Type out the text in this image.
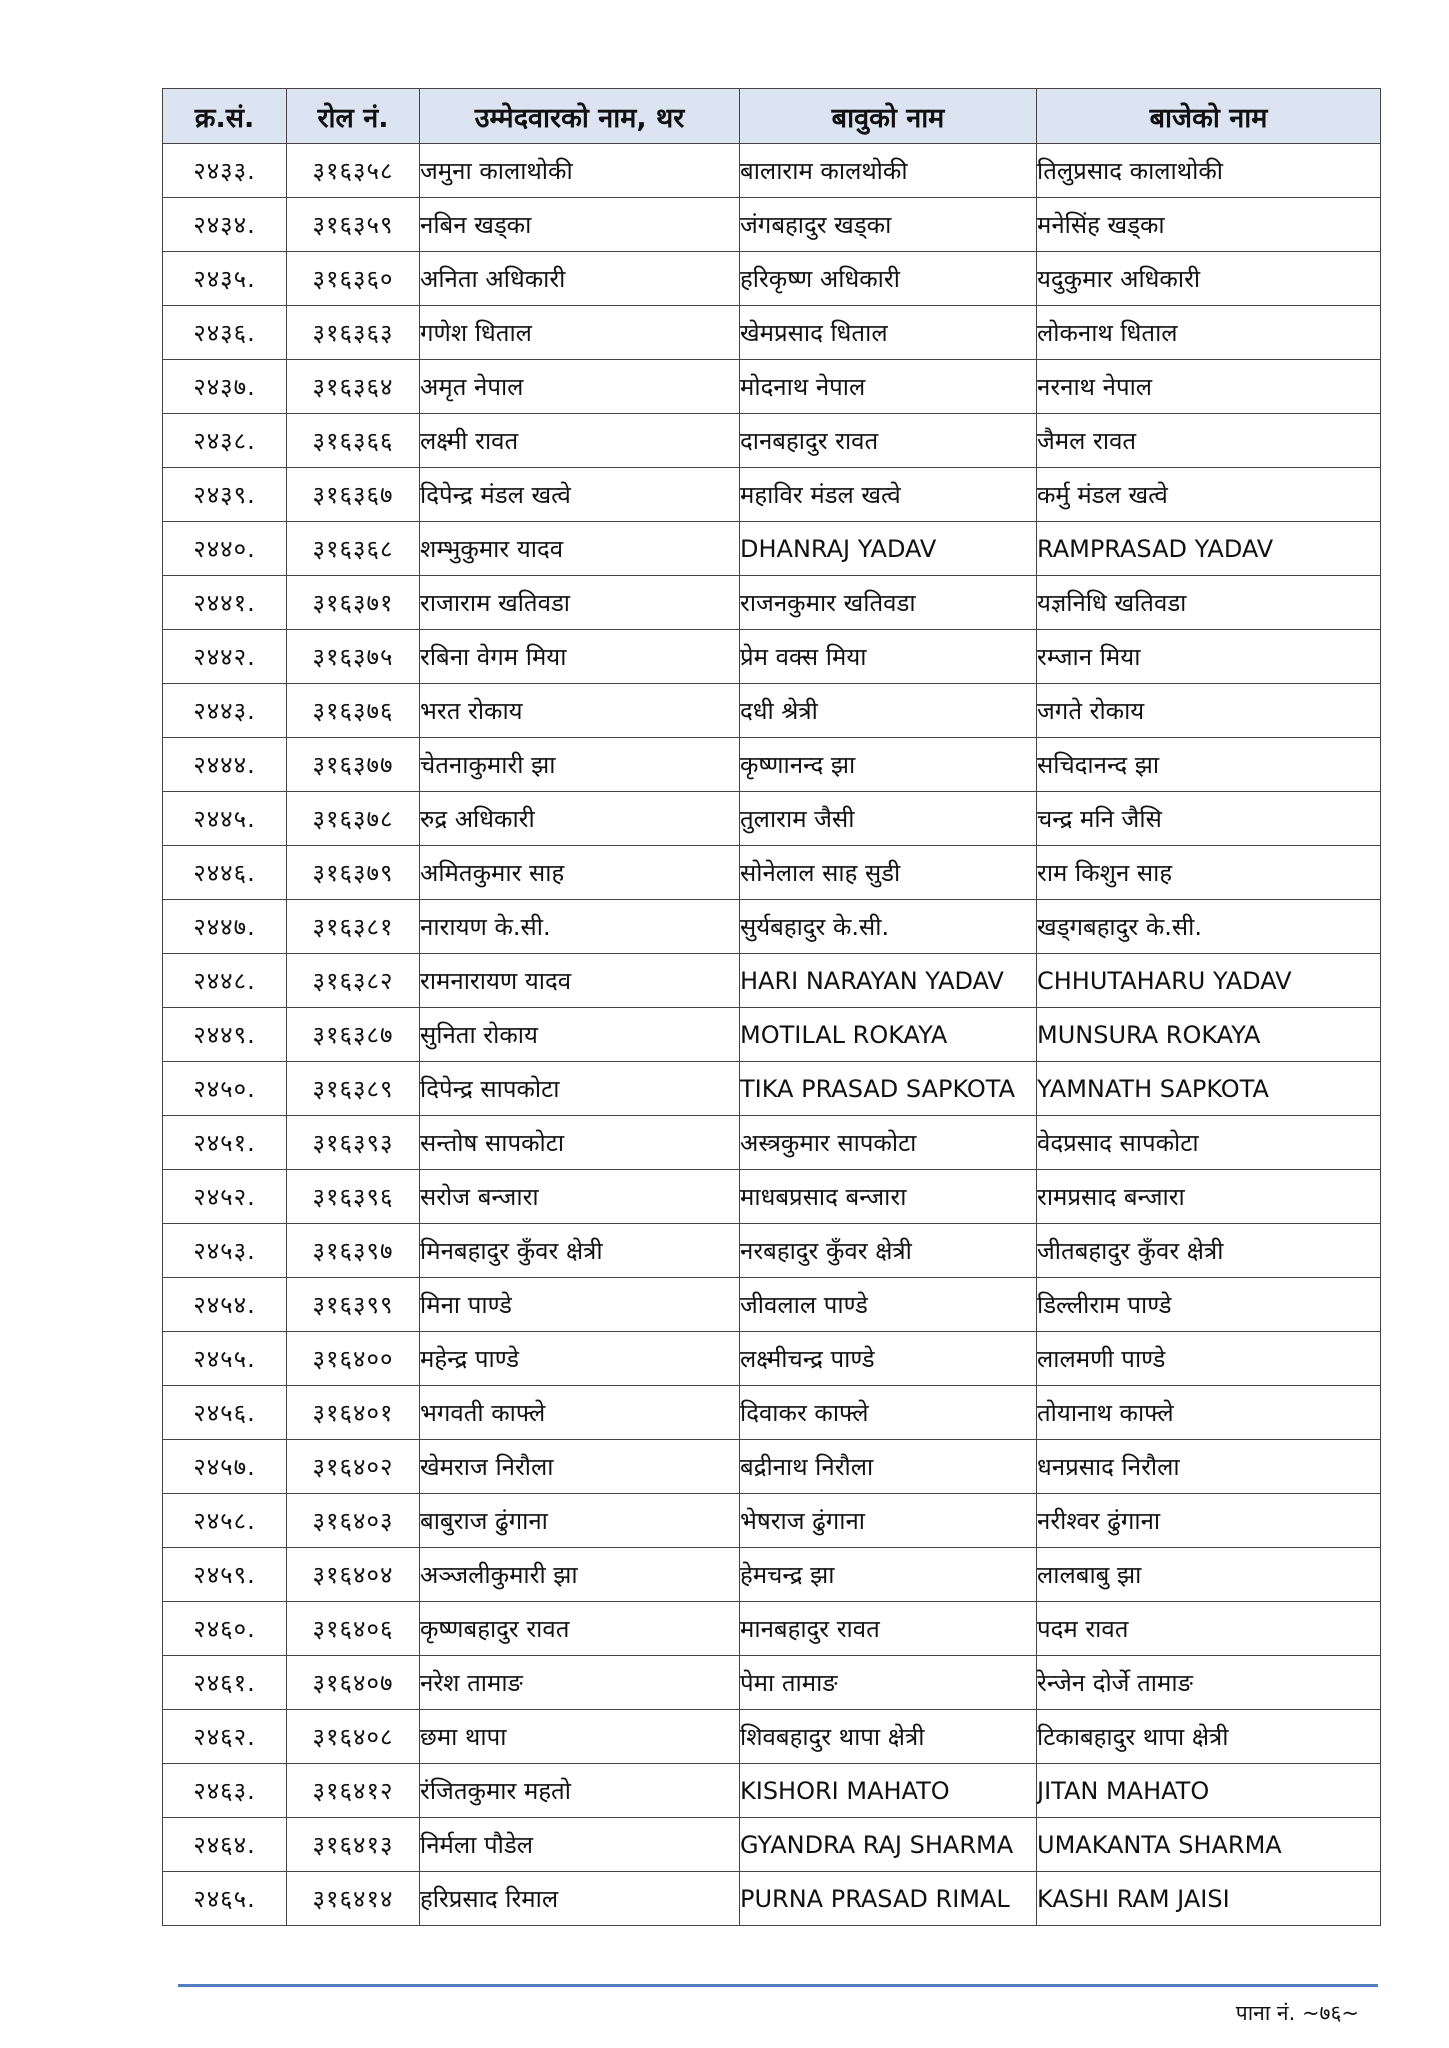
क्र.सं.	रोल नं.	उम्मेदवारको नाम, थर	बावुको नाम	बाजेको नाम
२४३३.	३१६३५८	जमुना कालाथोकी	बालाराम कालथोकी	तिलुप्रसाद कालाथोकी
२४३४.	३१६३५९	नबिन खड्का	जंगबहादुर खड्का	मनेसिंह खड्का
२४३५.	३१६३६०	अनिता अधिकारी	हरिकृष्ण अधिकारी	यदुकुमार अधिकारी
२४३६.	३१६३६३	गणेश धिताल	खेमप्रसाद धिताल	लोकनाथ धिताल
२४३७.	३१६३६४	अमृत नेपाल	मोदनाथ नेपाल	नरनाथ नेपाल
२४३८.	३१६३६६	लक्ष्मी रावत	दानबहादुर रावत	जैमल रावत
२४३९.	३१६३६७	दिपेन्द्र मंडल खत्वे	महाविर मंडल खत्वे	कर्मु मंडल खत्वे
२४४०.	३१६३६८	शम्भुकुमार यादव	DHANRAJ YADAV	RAMPRASAD YADAV
२४४१.	३१६३७१	राजाराम खतिवडा	राजनकुमार खतिवडा	यज्ञनिधि खतिवडा
२४४२.	३१६३७५	रबिना वेगम मिया	प्रेम वक्स मिया	रम्जान मिया
२४४३.	३१६३७६	भरत रोकाय	दधी श्रेत्री	जगते रोकाय
२४४४.	३१६३७७	चेतनाकुमारी झा	कृष्णानन्द झा	सचिदानन्द झा
२४४५.	३१६३७८	रुद्र अधिकारी	तुलाराम जैसी	चन्द्र मनि जैसि
२४४६.	३१६३७९	अमितकुमार साह	सोनेलाल साह सुडी	राम किशुन साह
२४४७.	३१६३८१	नारायण के.सी.	सुर्यबहादुर के.सी.	खड्गबहादुर के.सी.
२४४८.	३१६३८२	रामनारायण यादव	HARI NARAYAN YADAV	CHHUTAHARU YADAV
२४४९.	३१६३८७	सुनिता रोकाय	MOTILAL ROKAYA	MUNSURA ROKAYA
२४५०.	३१६३८९	दिपेन्द्र सापकोटा	TIKA PRASAD SAPKOTA	YAMNATH SAPKOTA
२४५१.	३१६३९३	सन्तोष सापकोटा	अस्त्रकुमार सापकोटा	वेदप्रसाद सापकोटा
२४५२.	३१६३९६	सरोज बन्जारा	माधबप्रसाद बन्जारा	रामप्रसाद बन्जारा
२४५३.	३१६३९७	मिनबहादुर कुँवर क्षेत्री	नरबहादुर कुँवर क्षेत्री	जीतबहादुर कुँवर क्षेत्री
२४५४.	३१६३९९	मिना पाण्डे	जीवलाल पाण्डे	डिल्लीराम पाण्डे
२४५५.	३१६४००	महेन्द्र पाण्डे	लक्ष्मीचन्द्र पाण्डे	लालमणी पाण्डे
२४५६.	३१६४०१	भगवती काफ्ले	दिवाकर काफ्ले	तोयानाथ काफ्ले
२४५७.	३१६४०२	खेमराज निरौला	बद्रीनाथ निरौला	धनप्रसाद निरौला
२४५८.	३१६४०३	बाबुराज ढुंगाना	भेषराज ढुंगाना	नरीश्वर ढुंगाना
२४५९.	३१६४०४	अञ्जलीकुमारी झा	हेमचन्द्र झा	लालबाबु झा
२४६०.	३१६४०६	कृष्णबहादुर रावत	मानबहादुर रावत	पदम रावत
२४६१.	३१६४०७	नरेश तामाङ	पेमा तामाङ	रेन्जेन दोर्जे तामाङ
२४६२.	३१६४०८	छमा थापा	शिवबहादुर थापा क्षेत्री	टिकाबहादुर थापा क्षेत्री
२४६३.	३१६४१२	रंजितकुमार महतो	KISHORI MAHATO	JITAN MAHATO
२४६४.	३१६४१३	निर्मला पौडेल	GYANDRA RAJ SHARMA	UMAKANTA SHARMA
२४६५.	३१६४१४	हरिप्रसाद रिमाल	PURNA PRASAD RIMAL	KASHI RAM JAISI
पाना नं. ~७६~
